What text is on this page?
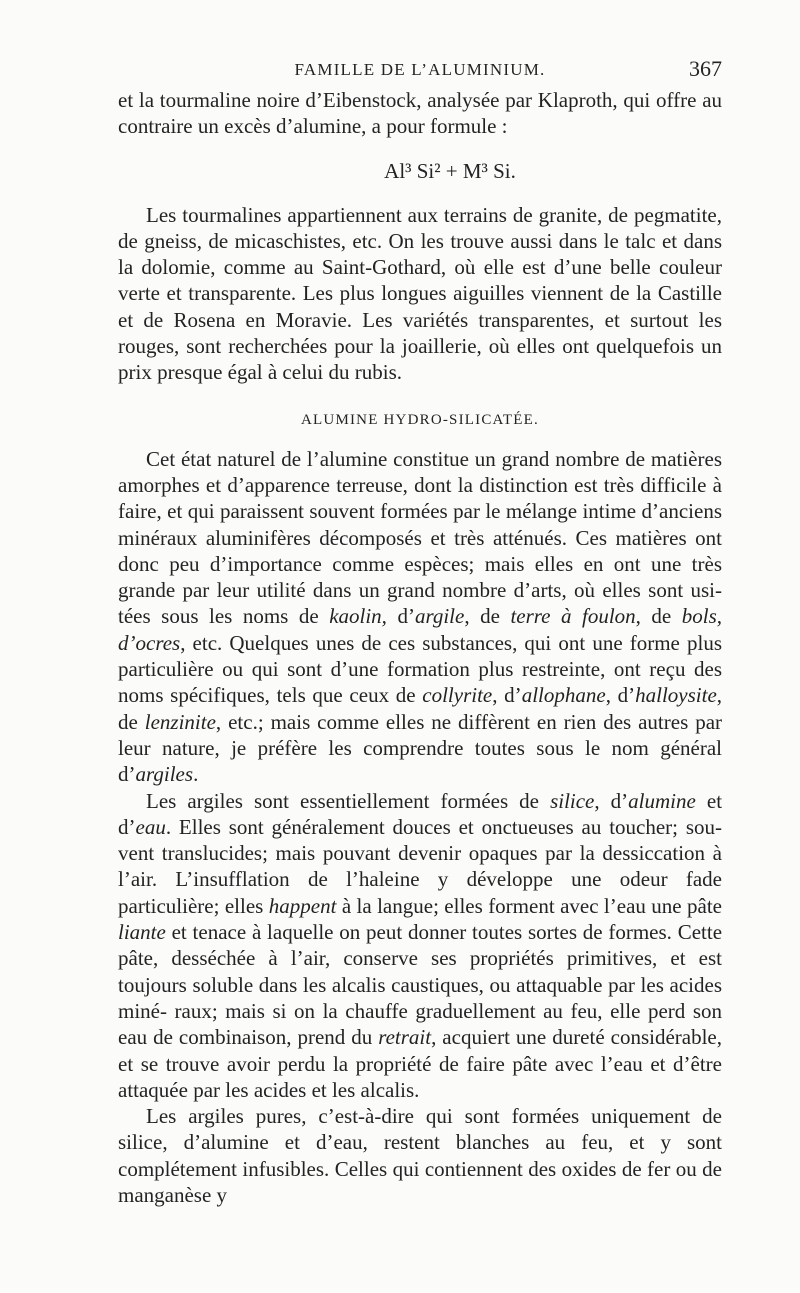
FAMILLE DE L’ALUMINIUM.	367

et la tourmaline noire d’Eibenstock, analysée par Klaproth, qui offre au contraire un excès d’alumine, a pour formule :

Al³ Si² + M³ Si.

Les tourmalines appartiennent aux terrains de granite, de pegmatite, de gneiss, de micaschistes, etc. On les trouve aussi dans le talc et dans la dolomie, comme au Saint-Gothard, où elle est d’une belle couleur verte et transparente. Les plus longues aiguilles viennent de la Castille et de Rosena en Moravie. Les variétés transparentes, et surtout les rouges, sont recherchées pour la joaillerie, où elles ont quelquefois un prix presque égal à celui du rubis.

ALUMINE HYDRO-SILICATÉE.

Cet état naturel de l’alumine constitue un grand nombre de matières amorphes et d’apparence terreuse, dont la distinction est très difficile à faire, et qui paraissent souvent formées par le mélange intime d’anciens minéraux aluminifères décomposés et très atténués. Ces matières ont donc peu d’importance comme espèces; mais elles en ont une très grande par leur utilité dans un grand nombre d’arts, où elles sont usi- tées sous les noms de kaolin, d’argile, de terre à foulon, de bols, d’ocres, etc. Quelques unes de ces substances, qui ont une forme plus particulière ou qui sont d’une formation plus restreinte, ont reçu des noms spécifiques, tels que ceux de collyrite, d’allophane, d’halloysite, de lenzinite, etc.; mais comme elles ne diffèrent en rien des autres par leur nature, je préfère les comprendre toutes sous le nom général d’argiles.

Les argiles sont essentiellement formées de silice, d’alumine et d’eau. Elles sont généralement douces et onctueuses au toucher; sou- vent translucides; mais pouvant devenir opaques par la dessiccation à l’air. L’insufflation de l’haleine y développe une odeur fade particulière; elles happent à la langue; elles forment avec l’eau une pâte liante et tenace à laquelle on peut donner toutes sortes de formes. Cette pâte, desséchée à l’air, conserve ses propriétés primitives, et est toujours soluble dans les alcalis caustiques, ou attaquable par les acides miné- raux; mais si on la chauffe graduellement au feu, elle perd son eau de combinaison, prend du retrait, acquiert une dureté considérable, et se trouve avoir perdu la propriété de faire pâte avec l’eau et d’être attaquée par les acides et les alcalis.

Les argiles pures, c’est-à-dire qui sont formées uniquement de silice, d’alumine et d’eau, restent blanches au feu, et y sont complétement infusibles. Celles qui contiennent des oxides de fer ou de manganèse y
